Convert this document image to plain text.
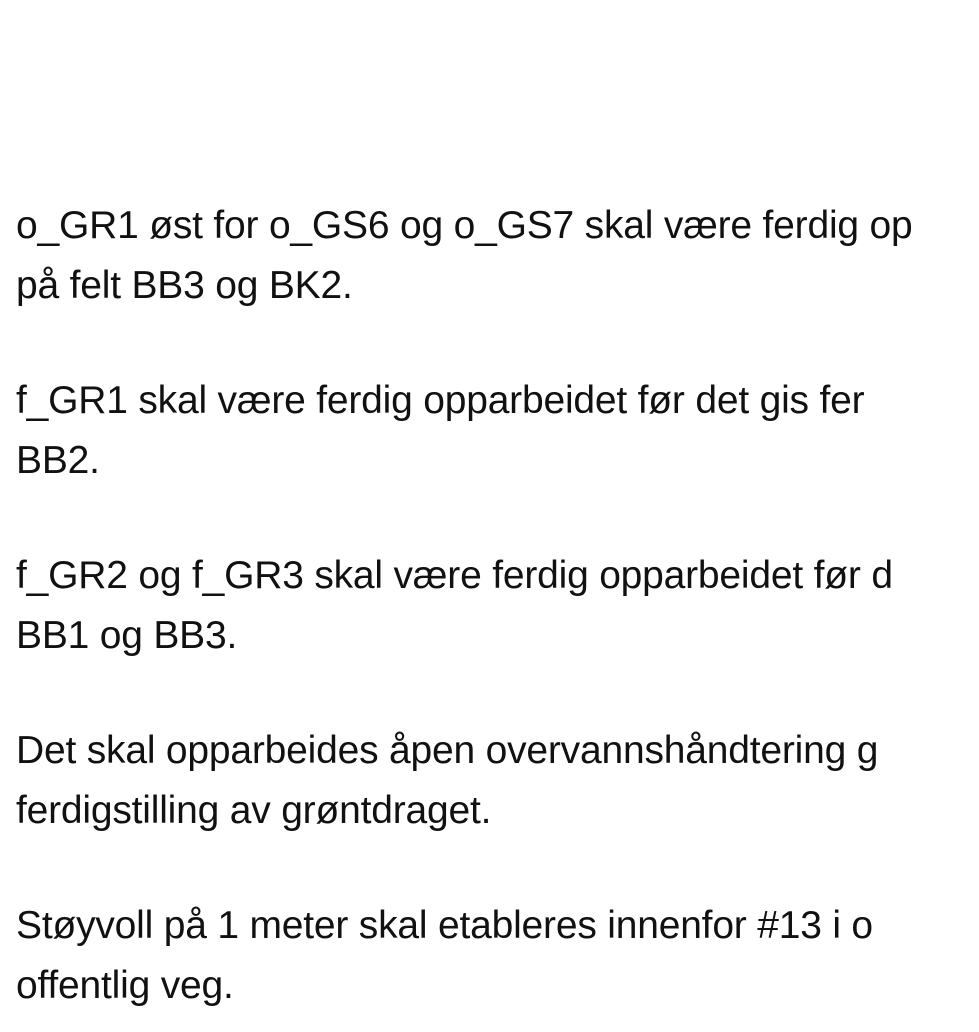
o_GR1 øst for o_GS6 og o_GS7 skal være ferdig op
på felt BB3 og BK2.

f_GR1 skal være ferdig opparbeidet før det gis fer
BB2.

f_GR2 og f_GR3 skal være ferdig opparbeidet før d
BB1 og BB3.

Det skal opparbeides åpen overvannshåndtering g
ferdigstilling av grøntdraget.

Støyvoll på 1 meter skal etableres innenfor #13 i o
offentlig veg.
